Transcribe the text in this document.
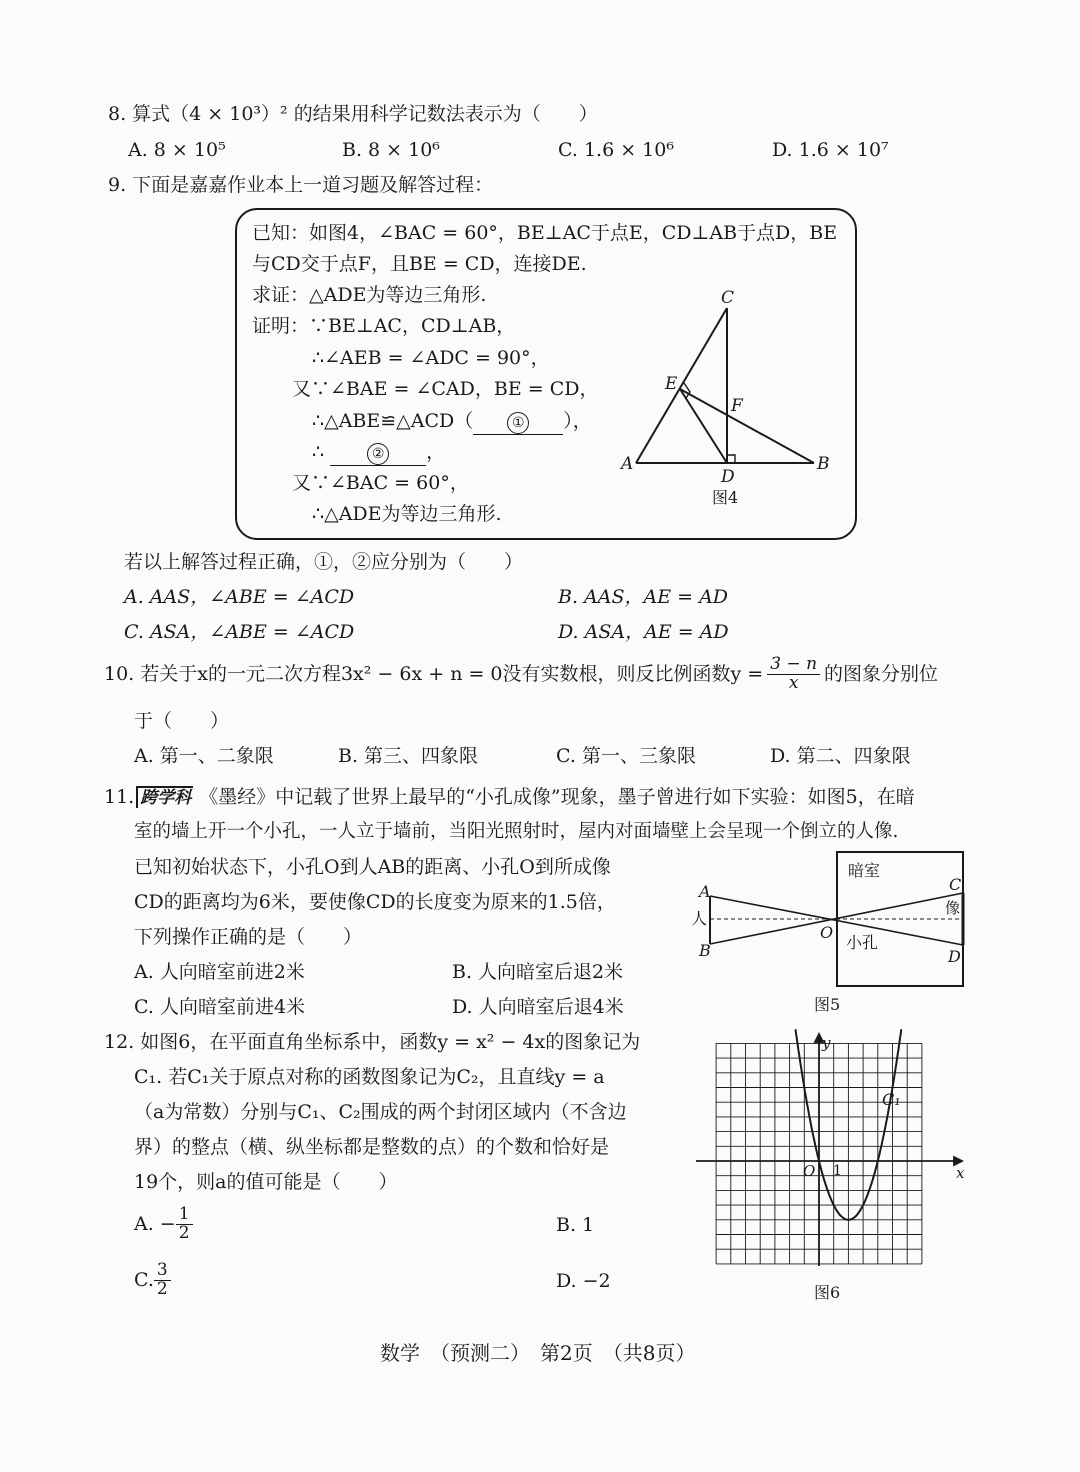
8. 算式（4 × 10³）² 的结果用科学记数法表示为（　　）
A. 8 × 10⁵	B. 8 × 10⁶	C. 1.6 × 10⁶	D. 1.6 × 10⁷
9. 下面是嘉嘉作业本上一道习题及解答过程：
已知：如图4，∠BAC = 60°，BE⊥AC于点E，CD⊥AB于点D，BE
与CD交于点F，且BE = CD，连接DE.
求证：△ADE为等边三角形.
证明：∵BE⊥AC，CD⊥AB，
∴∠AEB = ∠ADC = 90°，
又∵∠BAE = ∠CAD，BE = CD，
∴△ABE≌△ACD（	① ），
∴	② ，
又∵∠BAC = 60°，
∴△ADE为等边三角形.
C
E
F
A
D
B
图4
若以上解答过程正确，①，②应分别为（　　）
A. AAS，∠ABE = ∠ACD	B. AAS，AE = AD
C. ASA，∠ABE = ∠ACD	D. ASA，AE = AD
10. 若关于x的一元二次方程3x² − 6x + n = 0没有实数根，则反比例函数$y = \frac{3 - n}{x}$ 的图象分别位
于（　　）
A. 第一、二象限	B. 第三、四象限	C. 第一、三象限	D. 第二、四象限
11. 跨学科 《墨经》中记载了世界上最早的“小孔成像”现象，墨子曾进行如下实验：如图5，在暗
室的墙上开一个小孔，一人立于墙前，当阳光照射时，屋内对面墙壁上会呈现一个倒立的人像.
已知初始状态下，小孔O到人AB的距离、小孔O到所成像
CD的距离均为6米，要使像CD的长度变为原来的1.5倍，
下列操作正确的是（　　）
A. 人向暗室前进2米	B. 人向暗室后退2米
C. 人向暗室前进4米	D. 人向暗室后退4米
暗室
C
像
A
人
O
小孔
B	D
图5
12. 如图6，在平面直角坐标系中，函数y = x² − 4x的图象记为
C₁. 若C₁关于原点对称的函数图象记为C₂，且直线y = a
（a为常数）分别与C₁、C₂围成的两个封闭区域内（不含边
界）的整点（横、纵坐标都是整数的点）的个数和恰好是
19个，则a的值可能是（　　）
A. − $\frac{1}{2}$	B. 1
C. $\frac{3}{2}$	D. −2
y
x
O 1
C₁
图6
数学　（预测二）　第2页　（共8页）
